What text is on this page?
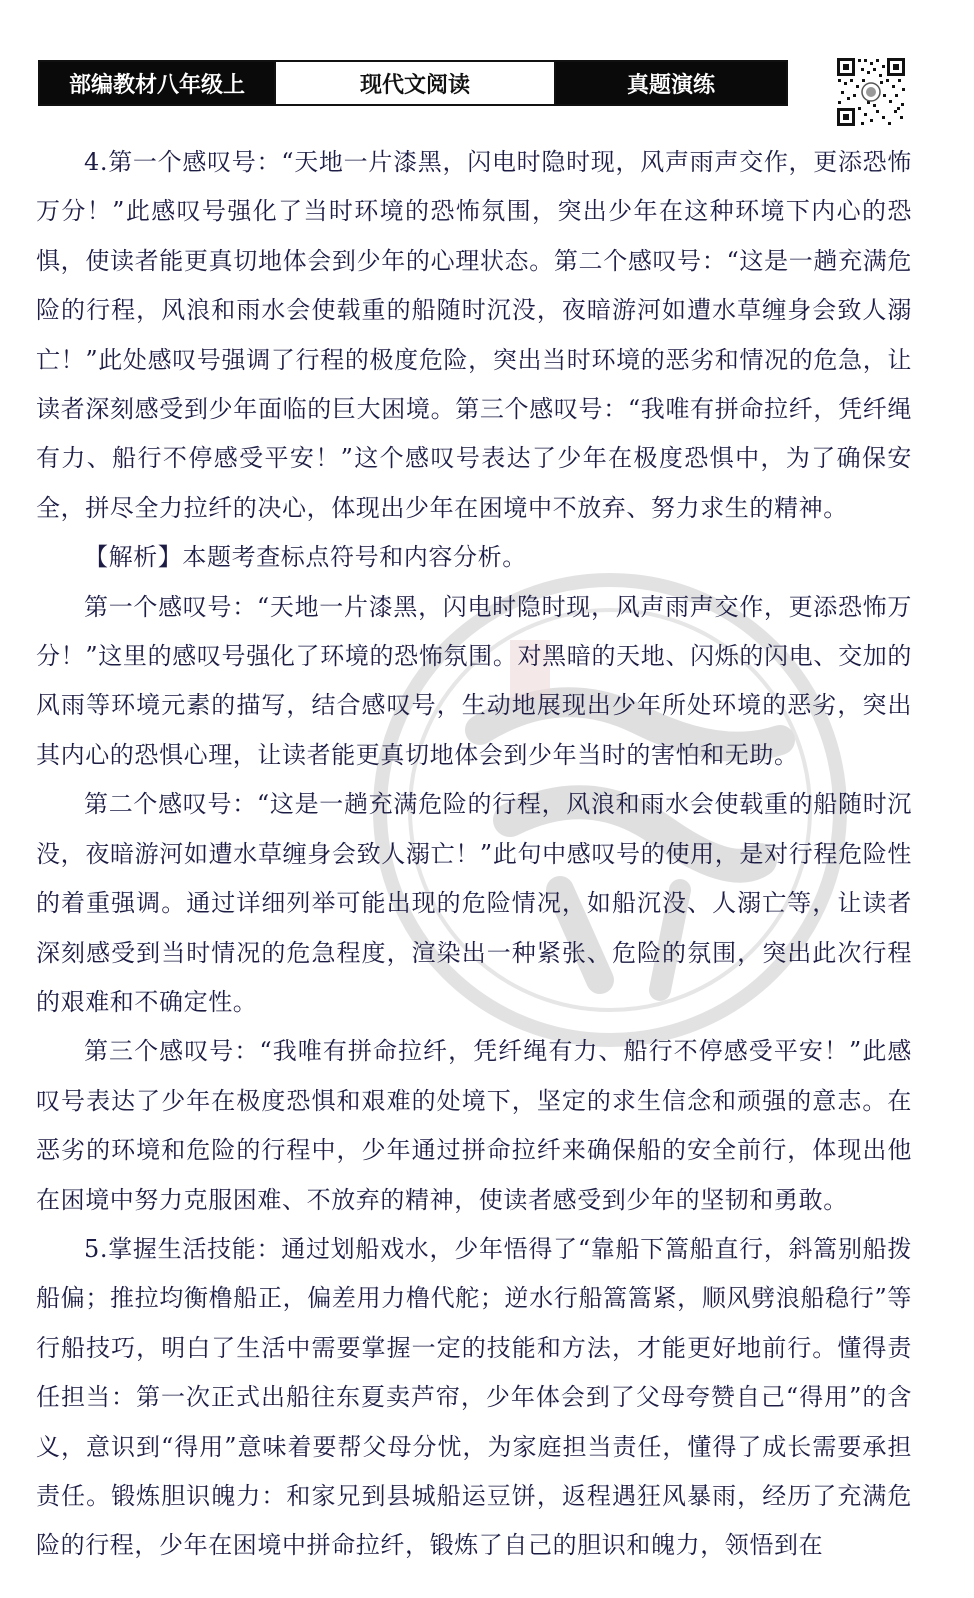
部编教材八年级上	现代文阅读	真题演练

4.第一个感叹号：“天地一片漆黑，闪电时隐时现，风声雨声交作，更添恐怖万分！”此感叹号强化了当时环境的恐怖氛围，突出少年在这种环境下内心的恐惧，使读者能更真切地体会到少年的心理状态。第二个感叹号：“这是一趟充满危险的行程，风浪和雨水会使载重的船随时沉没，夜暗游河如遭水草缠身会致人溺亡！”此处感叹号强调了行程的极度危险，突出当时环境的恶劣和情况的危急，让读者深刻感受到少年面临的巨大困境。第三个感叹号：“我唯有拼命拉纤，凭纤绳有力、船行不停感受平安！”这个感叹号表达了少年在极度恐惧中，为了确保安全，拼尽全力拉纤的决心，体现出少年在困境中不放弃、努力求生的精神。

【解析】本题考查标点符号和内容分析。

第一个感叹号：“天地一片漆黑，闪电时隐时现，风声雨声交作，更添恐怖万分！”这里的感叹号强化了环境的恐怖氛围。对黑暗的天地、闪烁的闪电、交加的风雨等环境元素的描写，结合感叹号，生动地展现出少年所处环境的恶劣，突出其内心的恐惧心理，让读者能更真切地体会到少年当时的害怕和无助。

第二个感叹号：“这是一趟充满危险的行程，风浪和雨水会使载重的船随时沉没，夜暗游河如遭水草缠身会致人溺亡！”此句中感叹号的使用，是对行程危险性的着重强调。通过详细列举可能出现的危险情况，如船沉没、人溺亡等，让读者深刻感受到当时情况的危急程度，渲染出一种紧张、危险的氛围，突出此次行程的艰难和不确定性。

第三个感叹号：“我唯有拼命拉纤，凭纤绳有力、船行不停感受平安！”此感叹号表达了少年在极度恐惧和艰难的处境下，坚定的求生信念和顽强的意志。在恶劣的环境和危险的行程中，少年通过拼命拉纤来确保船的安全前行，体现出他在困境中努力克服困难、不放弃的精神，使读者感受到少年的坚韧和勇敢。

5.掌握生活技能：通过划船戏水，少年悟得了“靠船下篙船直行，斜篙别船拨船偏；推拉均衡橹船正，偏差用力橹代舵；逆水行船篙篙紧，顺风劈浪船稳行”等行船技巧，明白了生活中需要掌握一定的技能和方法，才能更好地前行。懂得责任担当：第一次正式出船往东夏卖芦帘，少年体会到了父母夸赞自己“得用”的含义，意识到“得用”意味着要帮父母分忧，为家庭担当责任，懂得了成长需要承担责任。锻炼胆识魄力：和家兄到县城船运豆饼，返程遇狂风暴雨，经历了充满危险的行程，少年在困境中拼命拉纤，锻炼了自己的胆识和魄力，领悟到在
